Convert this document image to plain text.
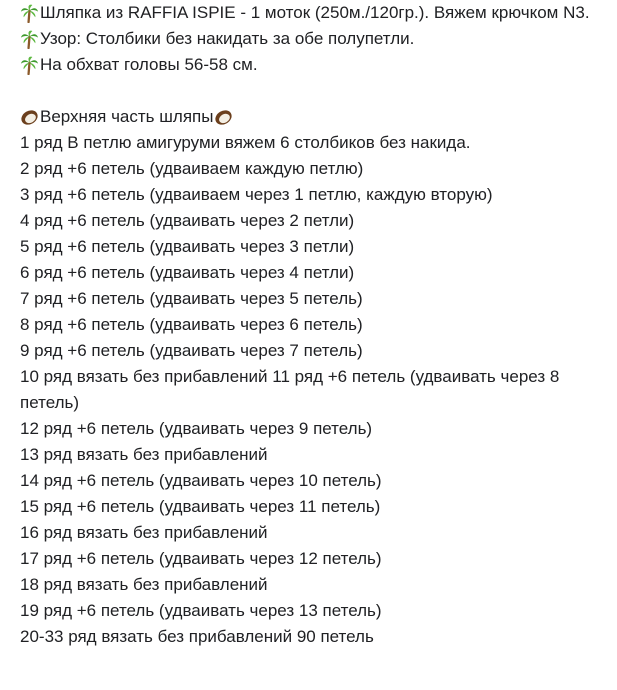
Шляпка из RAFFIA ISPIE - 1 моток (250м./120гр.). Вяжем крючком N3.
Узор: Столбики без накидать за обе полупетли.
На обхват головы 56-58 см.
Верхняя часть шляпы
1 ряд В петлю амигуруми вяжем 6 столбиков без накида.
2 ряд +6 петель (удваиваем каждую петлю)
3 ряд +6 петель (удваиваем через 1 петлю, каждую вторую)
4 ряд +6 петель (удваивать через 2 петли)
5 ряд +6 петель (удваивать через 3 петли)
6 ряд +6 петель (удваивать через 4 петли)
7 ряд +6 петель (удваивать через 5 петель)
8 ряд +6 петель (удваивать через 6 петель)
9 ряд +6 петель (удваивать через 7 петель)
10 ряд вязать без прибавлений 11 ряд +6 петель (удваивать через 8 петель)
12 ряд +6 петель (удваивать через 9 петель)
13 ряд вязать без прибавлений
14 ряд +6 петель (удваивать через 10 петель)
15 ряд +6 петель (удваивать через 11 петель)
16 ряд вязать без прибавлений
17 ряд +6 петель (удваивать через 12 петель)
18 ряд вязать без прибавлений
19 ряд +6 петель (удваивать через 13 петель)
20-33 ряд вязать без прибавлений 90 петель
